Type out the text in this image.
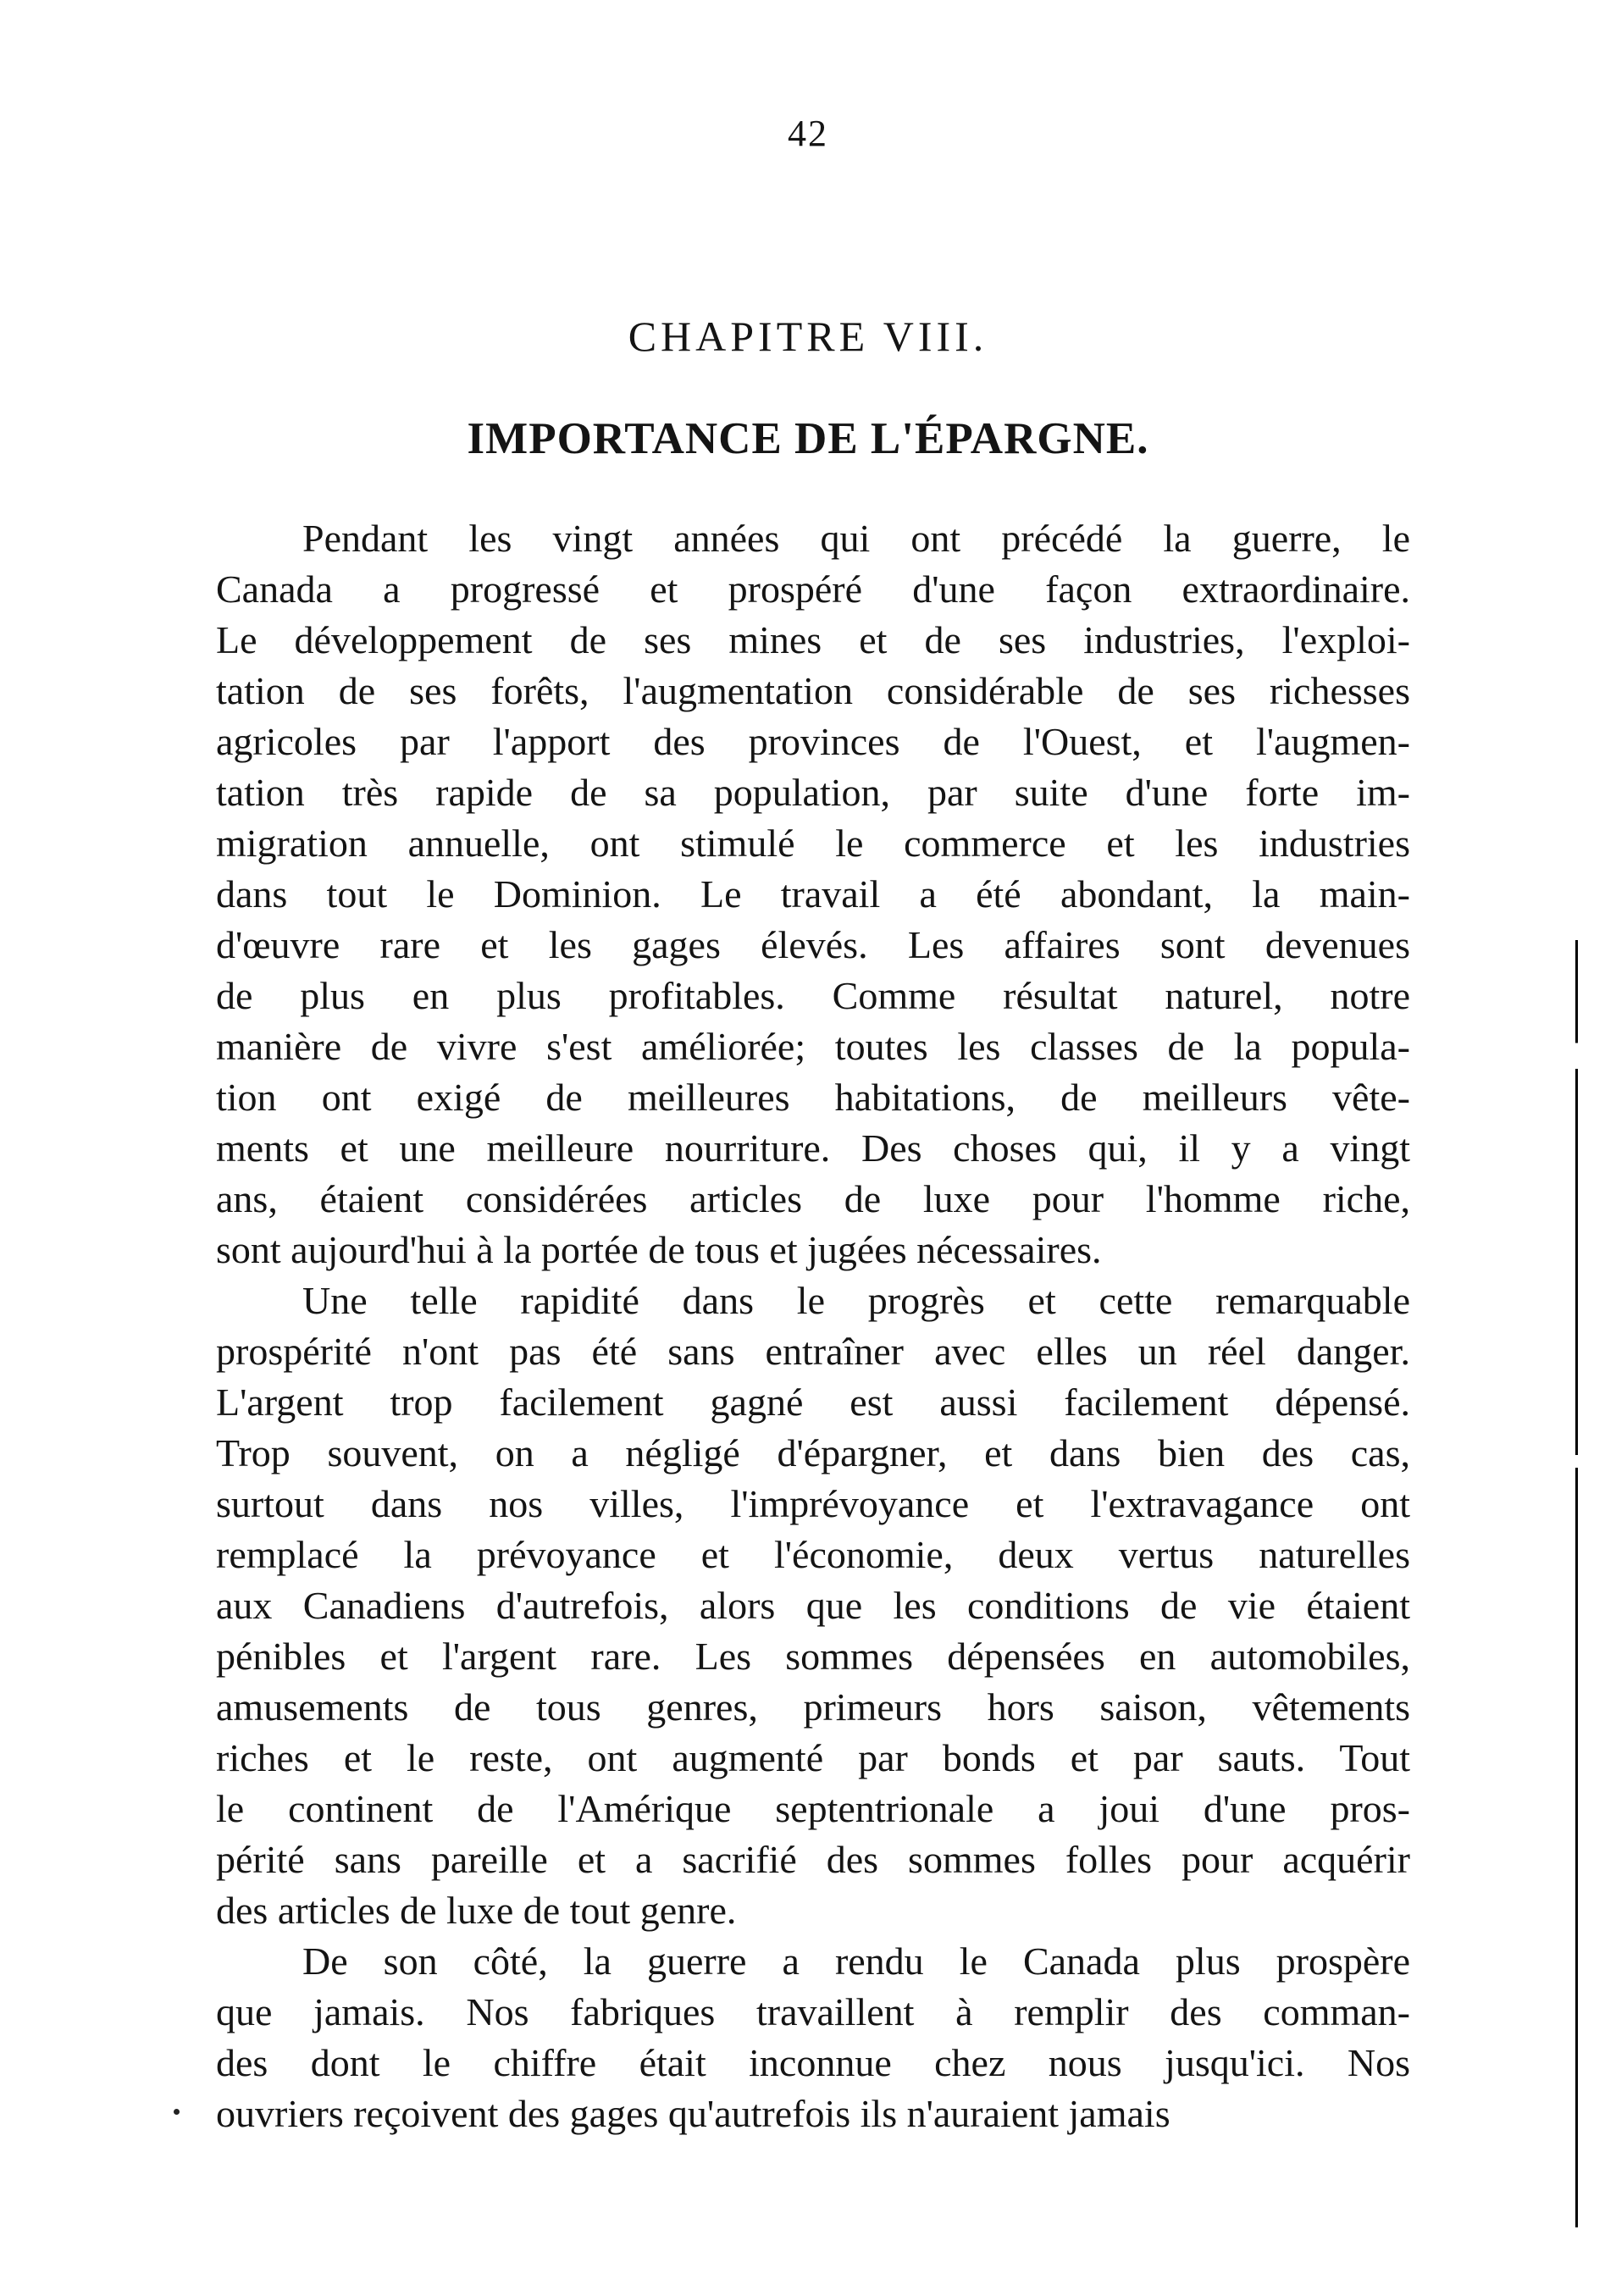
42
CHAPITRE VIII.
IMPORTANCE DE L'ÉPARGNE.
Pendant les vingt années qui ont précédé la guerre, le
Canada a progressé et prospéré d'une façon extraordinaire.
Le développement de ses mines et de ses industries, l'exploi-
tation de ses forêts, l'augmentation considérable de ses richesses
agricoles par l'apport des provinces de l'Ouest, et l'augmen-
tation très rapide de sa population, par suite d'une forte im-
migration annuelle, ont stimulé le commerce et les industries
dans tout le Dominion. Le travail a été abondant, la main-
d'œuvre rare et les gages élevés. Les affaires sont devenues
de plus en plus profitables. Comme résultat naturel, notre
manière de vivre s'est améliorée; toutes les classes de la popula-
tion ont exigé de meilleures habitations, de meilleurs vête-
ments et une meilleure nourriture. Des choses qui, il y a vingt
ans, étaient considérées articles de luxe pour l'homme riche,
sont aujourd'hui à la portée de tous et jugées nécessaires.
Une telle rapidité dans le progrès et cette remarquable
prospérité n'ont pas été sans entraîner avec elles un réel danger.
L'argent trop facilement gagné est aussi facilement dépensé.
Trop souvent, on a négligé d'épargner, et dans bien des cas,
surtout dans nos villes, l'imprévoyance et l'extravagance ont
remplacé la prévoyance et l'économie, deux vertus naturelles
aux Canadiens d'autrefois, alors que les conditions de vie étaient
pénibles et l'argent rare. Les sommes dépensées en automobiles,
amusements de tous genres, primeurs hors saison, vêtements
riches et le reste, ont augmenté par bonds et par sauts. Tout
le continent de l'Amérique septentrionale a joui d'une pros-
périté sans pareille et a sacrifié des sommes folles pour acquérir
des articles de luxe de tout genre.
De son côté, la guerre a rendu le Canada plus prospère
que jamais. Nos fabriques travaillent à remplir des comman-
des dont le chiffre était inconnue chez nous jusqu'ici. Nos
ouvriers reçoivent des gages qu'autrefois ils n'auraient jamais
